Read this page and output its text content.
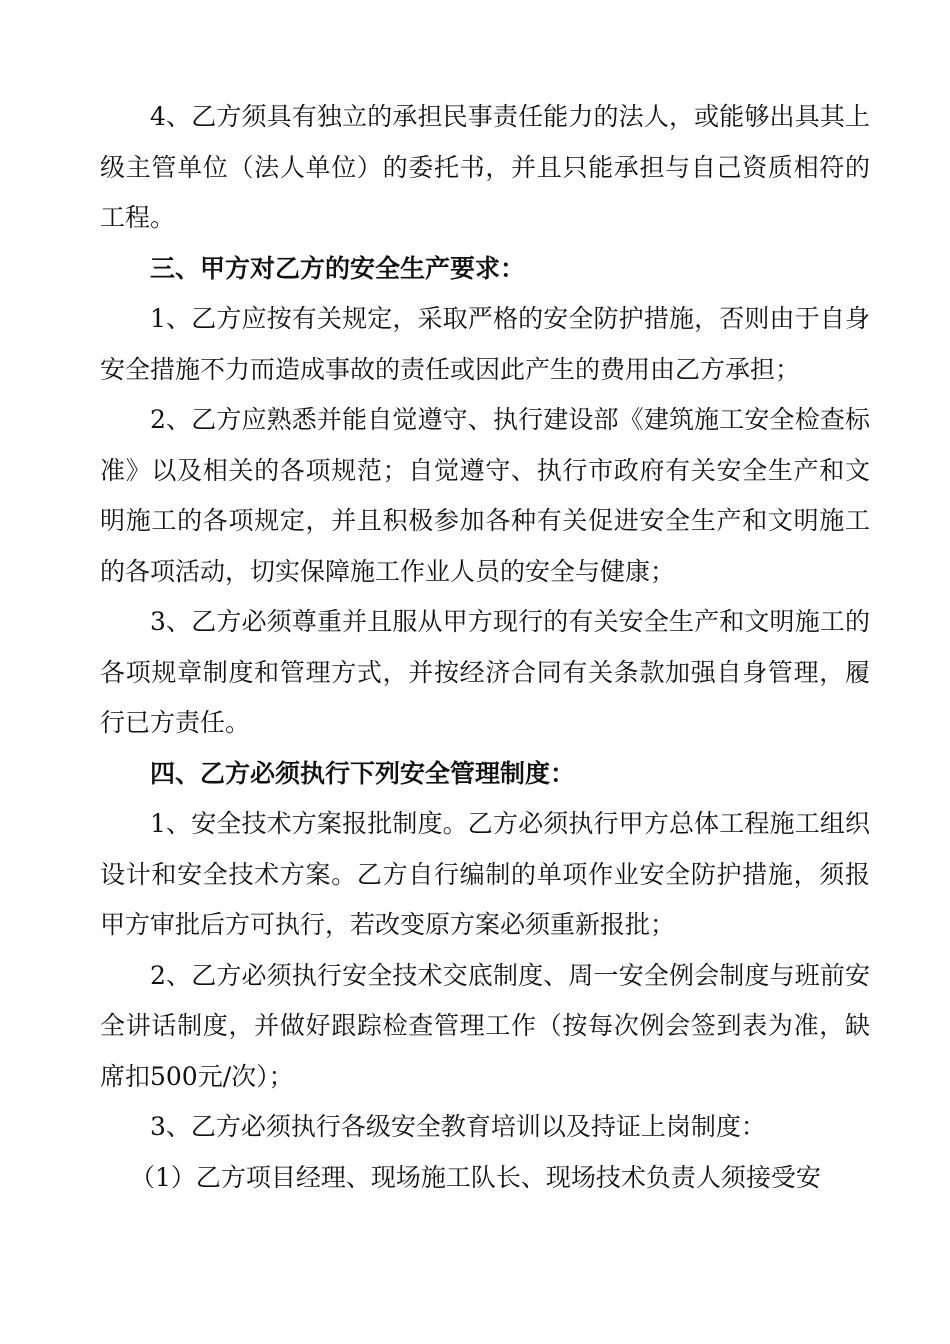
4、乙方须具有独立的承担民事责任能力的法人，或能够出具其上级主管单位（法人单位）的委托书，并且只能承担与自己资质相符的工程。

三、甲方对乙方的安全生产要求：

1、乙方应按有关规定，采取严格的安全防护措施，否则由于自身安全措施不力而造成事故的责任或因此产生的费用由乙方承担；

2、乙方应熟悉并能自觉遵守、执行建设部《建筑施工安全检查标准》以及相关的各项规范；自觉遵守、执行市政府有关安全生产和文明施工的各项规定，并且积极参加各种有关促进安全生产和文明施工的各项活动，切实保障施工作业人员的安全与健康；

3、乙方必须尊重并且服从甲方现行的有关安全生产和文明施工的各项规章制度和管理方式，并按经济合同有关条款加强自身管理，履行已方责任。

四、乙方必须执行下列安全管理制度：

1、安全技术方案报批制度。乙方必须执行甲方总体工程施工组织设计和安全技术方案。乙方自行编制的单项作业安全防护措施，须报甲方审批后方可执行，若改变原方案必须重新报批；

2、乙方必须执行安全技术交底制度、周一安全例会制度与班前安全讲话制度，并做好跟踪检查管理工作（按每次例会签到表为准，缺席扣500元/次）；

3、乙方必须执行各级安全教育培训以及持证上岗制度：

（1）乙方项目经理、现场施工队长、现场技术负责人须接受安
